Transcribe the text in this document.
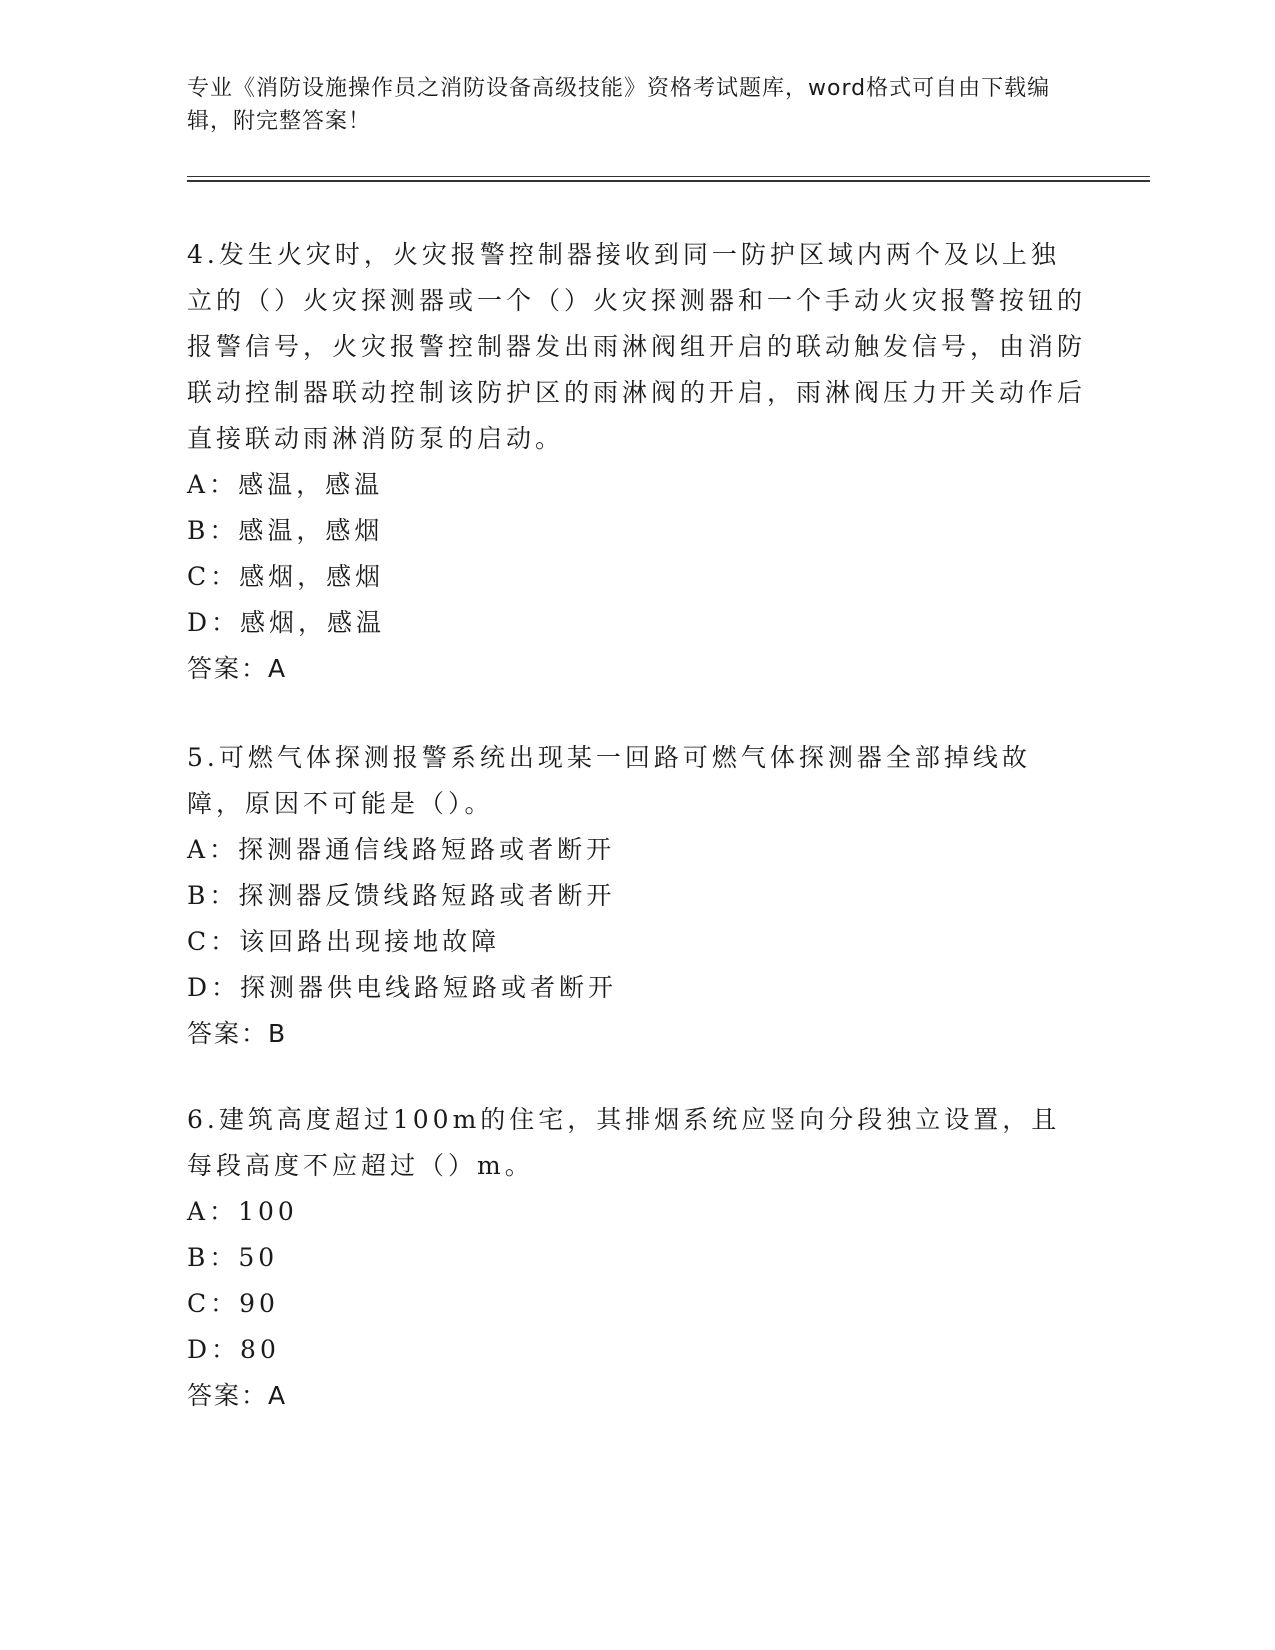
专业《消防设施操作员之消防设备高级技能》资格考试题库，word格式可自由下载编辑，附完整答案！

4.发生火灾时，火灾报警控制器接收到同一防护区域内两个及以上独立的（）火灾探测器或一个（）火灾探测器和一个手动火灾报警按钮的报警信号，火灾报警控制器发出雨淋阀组开启的联动触发信号，由消防联动控制器联动控制该防护区的雨淋阀的开启，雨淋阀压力开关动作后直接联动雨淋消防泵的启动。

A：感温，感温

B：感温，感烟

C：感烟，感烟

D：感烟，感温

答案：A

5.可燃气体探测报警系统出现某一回路可燃气体探测器全部掉线故障，原因不可能是（）。

A：探测器通信线路短路或者断开

B：探测器反馈线路短路或者断开

C：该回路出现接地故障

D：探测器供电线路短路或者断开

答案：B

6.建筑高度超过100m的住宅，其排烟系统应竖向分段独立设置，且每段高度不应超过（）m。

A：100

B：50

C：90

D：80

答案：A
